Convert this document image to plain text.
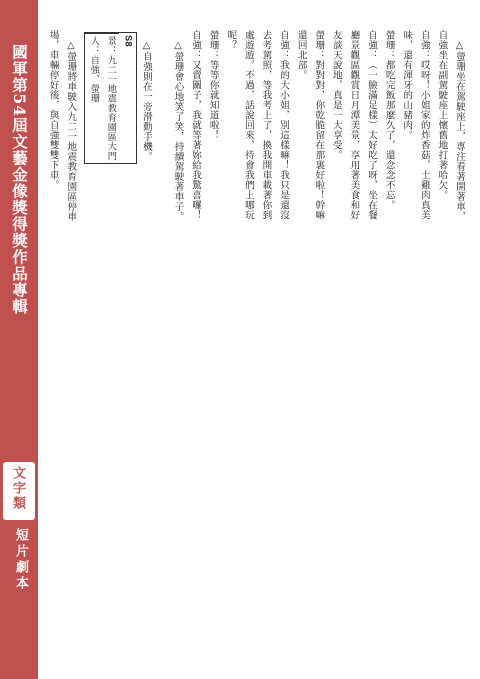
國軍第54屆文藝金像獎得獎作品專輯
文字類
短片劇本
327

△螢珊坐在駕駛座上，專注看著開著車，自強坐在副駕駛座上懷舊地打著哈欠。

自強：哎呀！小姐家的炸香菇，土雞肉真美味，還有渾牙的山豬肉。

螢珊：都吃完飯那麼久了，還念念不忘。

自強：（一臉滿足樣）太好吃了呀，坐在餐廳景觀區觀賞日月潭美景，享用著美食和好友談天說地，真是一大享受。

螢珊：對對對，你乾脆留在那裏好啦！幹嘛還回北部。

自強：我的大小姐，別這樣嘛！我只是還沒去考駕照，等我考上了，換我開車載著你到處遊遊，不過，話說回來，待會我們上哪玩呢？

螢珊：等等你就知道啦！

自強：又賣關子，我就等著妳給我驚喜囉！

△螢珊會心地笑了笑，持續駕駛著車子。

△自強則在一旁滑動手機。

S8
景：九二一地震教育園區大門
人：自強、螢珊

△螢珊將車駛入九二一地震教育園區停車場，車輛停好後，與自強雙雙下車。
